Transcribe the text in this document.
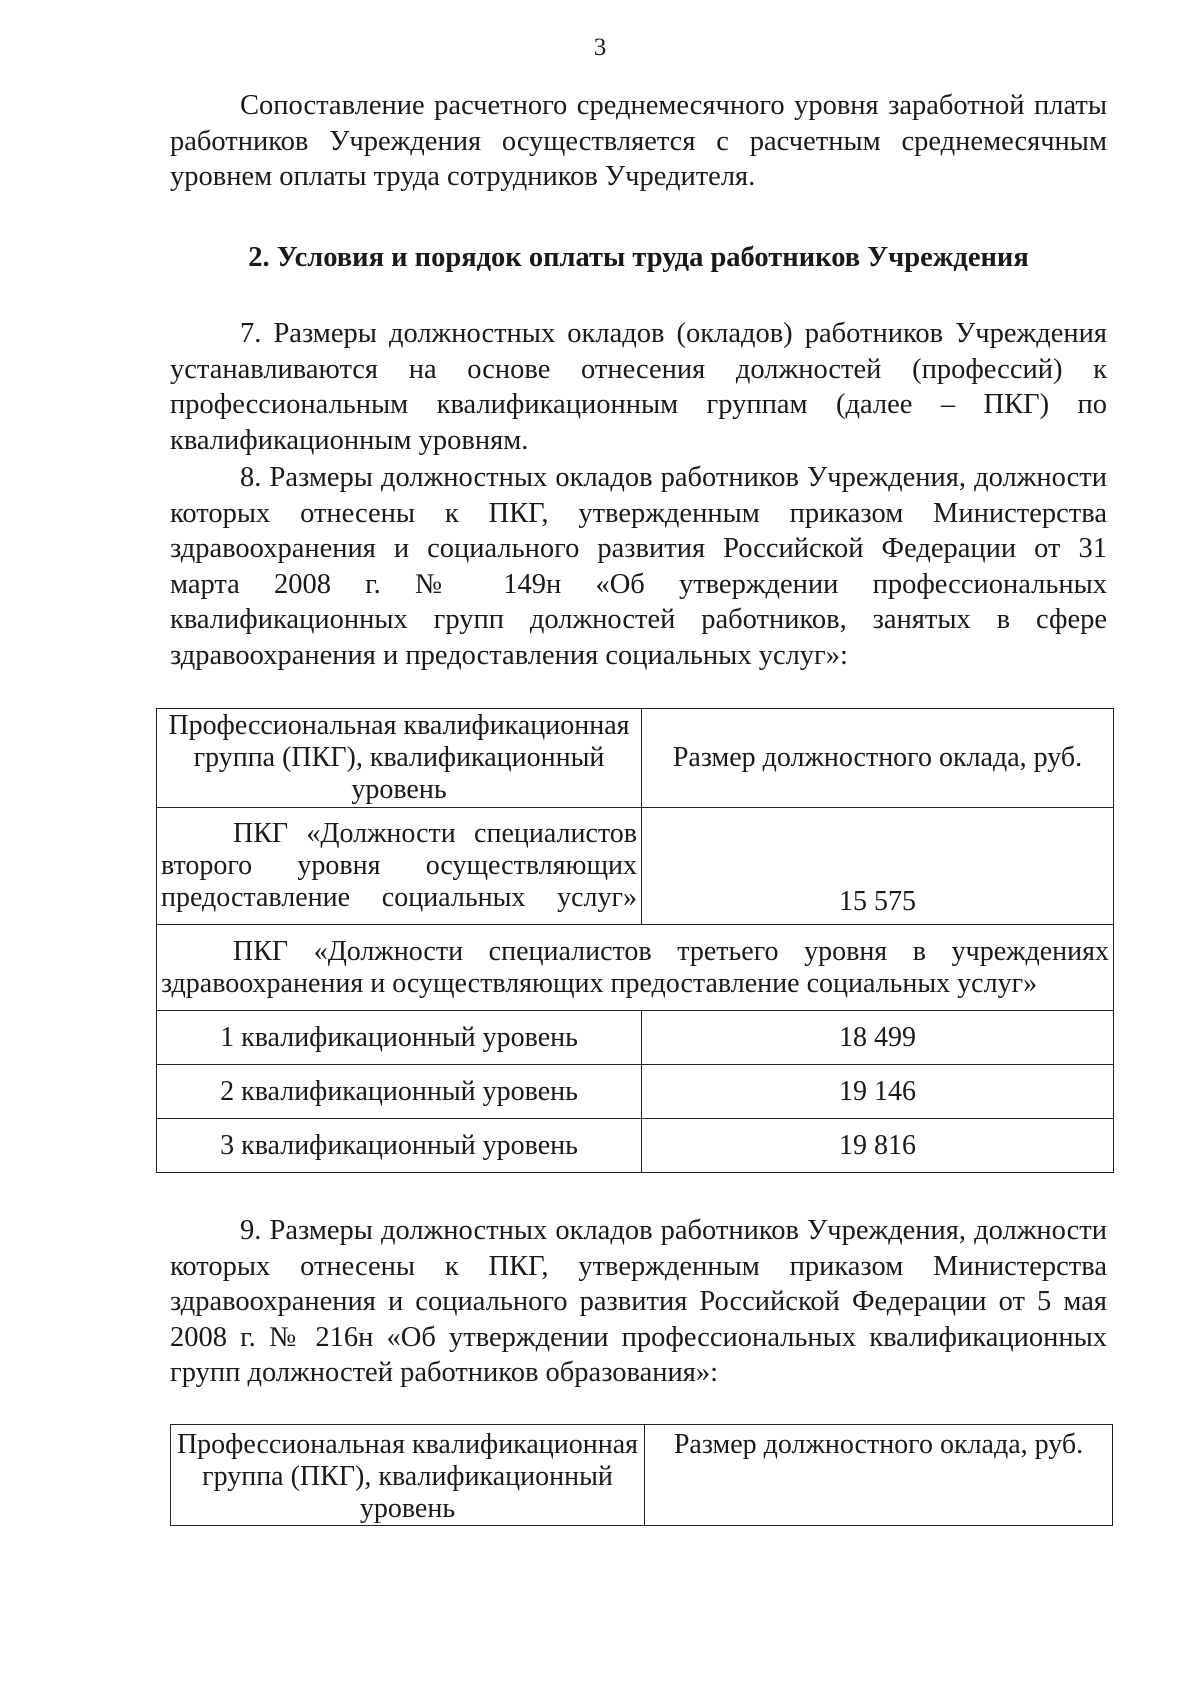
3

Сопоставление расчетного среднемесячного уровня заработной платы работников Учреждения осуществляется с расчетным среднемесячным уровнем оплаты труда сотрудников Учредителя.

2. Условия и порядок оплаты труда работников Учреждения

7. Размеры должностных окладов (окладов) работников Учреждения устанавливаются на основе отнесения должностей (профессий) к профессиональным квалификационным группам (далее – ПКГ) по квалификационным уровням.

8. Размеры должностных окладов работников Учреждения, должности которых отнесены к ПКГ, утвержденным приказом Министерства здравоохранения и социального развития Российской Федерации от 31 марта 2008 г. № 149н «Об утверждении профессиональных квалификационных групп должностей работников, занятых в сфере здравоохранения и предоставления социальных услуг»:

Профессиональная квалификационная группа (ПКГ), квалификационный уровень	Размер должностного оклада, руб.

ПКГ «Должности специалистов
второго уровня осуществляющих
предоставление социальных услуг»	15 575

ПКГ «Должности специалистов третьего уровня в учреждениях
здравоохранения и осуществляющих предоставление социальных услуг»	

1 квалификационный уровень	18 499
2 квалификационный уровень	19 146
3 квалификационный уровень	19 816

9. Размеры должностных окладов работников Учреждения, должности которых отнесены к ПКГ, утвержденным приказом Министерства здравоохранения и социального развития Российской Федерации от 5 мая 2008 г. № 216н «Об утверждении профессиональных квалификационных групп должностей работников образования»:

Профессиональная квалификационная группа (ПКГ), квалификационный уровень	Размер должностного оклада, руб.
